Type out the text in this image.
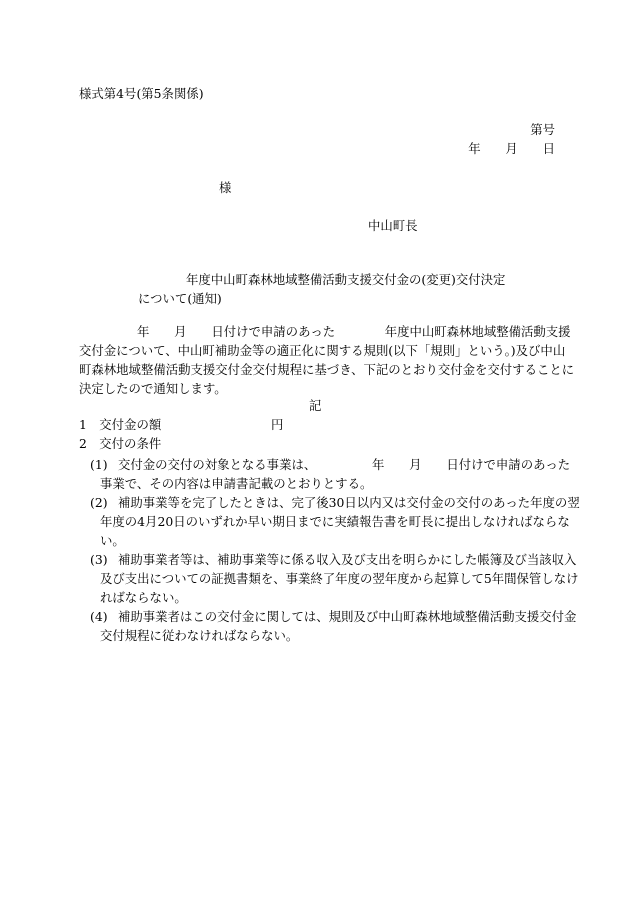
様式第4号(第5条関係)
第号
年　　月　　日
様
中山町長
年度中山町森林地域整備活動支援交付金の(変更)交付決定
について(通知)
年　　月　　日付けで申請のあった　　　　年度中山町森林地域整備活動支援
交付金について、中山町補助金等の適正化に関する規則(以下「規則」という。)及び中山
町森林地域整備活動支援交付金交付規程に基づき、下記のとおり交付金を交付することに
決定したので通知します。
記
1　交付金の額	円
2　交付の条件
(1) 交付金の交付の対象となる事業は、　　　　　年　　月　　日付けで申請のあった
事業で、その内容は申請書記載のとおりとする。
(2) 補助事業等を完了したときは、完了後30日以内又は交付金の交付のあった年度の翌
年度の4月20日のいずれか早い期日までに実績報告書を町長に提出しなければならな
い。
(3) 補助事業者等は、補助事業等に係る収入及び支出を明らかにした帳簿及び当該収入
及び支出についての証拠書類を、事業終了年度の翌年度から起算して5年間保管しなけ
ればならない。
(4) 補助事業者はこの交付金に関しては、規則及び中山町森林地域整備活動支援交付金
交付規程に従わなければならない。
